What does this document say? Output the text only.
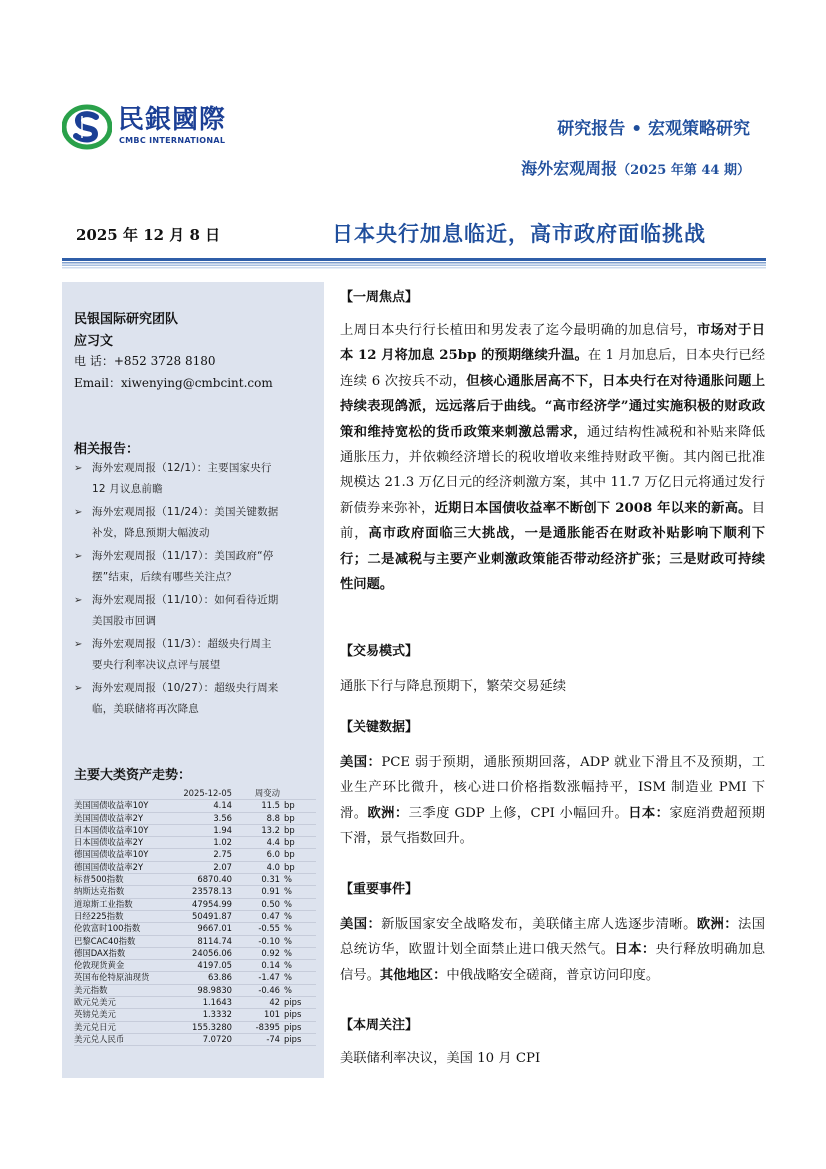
民銀國際
CMBC INTERNATIONAL
研究报告 • 宏观策略研究
海外宏观周报（2025 年第 44 期）
2025 年 12 月 8 日	日本央行加息临近，高市政府面临挑战
民银国际研究团队
应习文
电 话：+852 3728 8180
Email：xiwenying@cmbcint.com
相关报告：
➢ 海外宏观周报（12/1）：主要国家央行
12 月议息前瞻
➢ 海外宏观周报（11/24）：美国关键数据
补发，降息预期大幅波动
➢ 海外宏观周报（11/17）：美国政府“停
摆”结束，后续有哪些关注点？
➢ 海外宏观周报（11/10）：如何看待近期
美国股市回调
➢ 海外宏观周报（11/3）：超级央行周主
要央行利率决议点评与展望
➢ 海外宏观周报（10/27）：超级央行周来
临，美联储将再次降息
主要大类资产走势：
	2025-12-05	周变动	
美国国债收益率10Y	4.14	11.5	bp
美国国债收益率2Y	3.56	8.8	bp
日本国债收益率10Y	1.94	13.2	bp
日本国债收益率2Y	1.02	4.4	bp
德国国债收益率10Y	2.75	6.0	bp
德国国债收益率2Y	2.07	4.0	bp
标普500指数	6870.40	0.31	%
纳斯达克指数	23578.13	0.91	%
道琼斯工业指数	47954.99	0.50	%
日经225指数	50491.87	0.47	%
伦敦富时100指数	9667.01	-0.55	%
巴黎CAC40指数	8114.74	-0.10	%
德国DAX指数	24056.06	0.92	%
伦敦现货黄金	4197.05	0.14	%
英国布伦特原油现货	63.86	-1.47	%
美元指数	98.9830	-0.46	%
欧元兑美元	1.1643	42	pips
英镑兑美元	1.3332	101	pips
美元兑日元	155.3280	-8395	pips
美元兑人民币	7.0720	-74	pips
【一周焦点】
上周日本央行行长植田和男发表了迄今最明确的加息信号，市场对于日本 12 月将加息 25bp 的预期继续升温。在 1 月加息后，日本央行已经连续 6 次按兵不动，但核心通胀居高不下，日本央行在对待通胀问题上持续表现鸽派，远远落后于曲线。“高市经济学”通过实施积极的财政政策和维持宽松的货币政策来刺激总需求，通过结构性减税和补贴来降低通胀压力，并依赖经济增长的税收增收来维持财政平衡。其内阁已批准规模达 21.3 万亿日元的经济刺激方案，其中 11.7 万亿日元将通过发行新债券来弥补，近期日本国债收益率不断创下 2008 年以来的新高。目前，高市政府面临三大挑战，一是通胀能否在财政补贴影响下顺利下行；二是减税与主要产业刺激政策能否带动经济扩张；三是财政可持续性问题。
【交易模式】
通胀下行与降息预期下，繁荣交易延续
【关键数据】
美国：PCE 弱于预期，通胀预期回落，ADP 就业下滑且不及预期，工业生产环比微升，核心进口价格指数涨幅持平，ISM 制造业 PMI 下滑。欧洲：三季度 GDP 上修，CPI 小幅回升。日本：家庭消费超预期下滑，景气指数回升。
【重要事件】
美国：新版国家安全战略发布，美联储主席人选逐步清晰。欧洲：法国总统访华，欧盟计划全面禁止进口俄天然气。日本：央行释放明确加息信号。其他地区：中俄战略安全磋商，普京访问印度。
【本周关注】
美联储利率决议，美国 10 月 CPI
